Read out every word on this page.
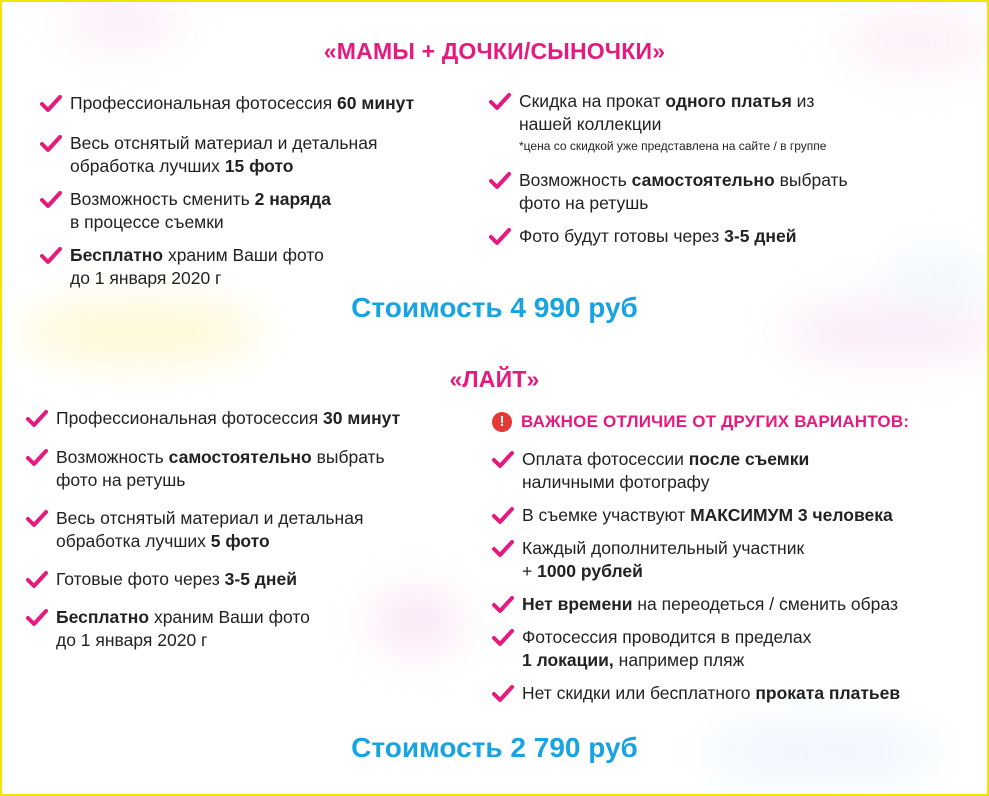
«МАМЫ + ДОЧКИ/СЫНОЧКИ»
Стоимость 4 990 руб
«ЛАЙТ»
! ВАЖНОЕ ОТЛИЧИЕ ОТ ДРУГИХ ВАРИАНТОВ:
Стоимость 2 790 руб
Профессиональная фотосессия 60 минут
Весь отснятый материал и детальная
обработка лучших 15 фото
Возможность сменить 2 наряда
в процессе съемки
Бесплатно храним Ваши фото
до 1 января 2020 г
Скидка на прокат одного платья из
нашей коллекции
*цена со скидкой уже представлена на сайте / в группе
Возможность самостоятельно выбрать
фото на ретушь
Фото будут готовы через 3-5 дней
Профессиональная фотосессия 30 минут
Возможность самостоятельно выбрать
фото на ретушь
Весь отснятый материал и детальная
обработка лучших 5 фото
Готовые фото через 3-5 дней
Бесплатно храним Ваши фото
до 1 января 2020 г
Оплата фотосессии после съемки
наличными фотографу
В съемке участвуют МАКСИМУМ 3 человека
Каждый дополнительный участник
+ 1000 рублей
Нет времени на переодеться / сменить образ
Фотосессия проводится в пределах
1 локации, например пляж
Нет скидки или бесплатного проката платьев
